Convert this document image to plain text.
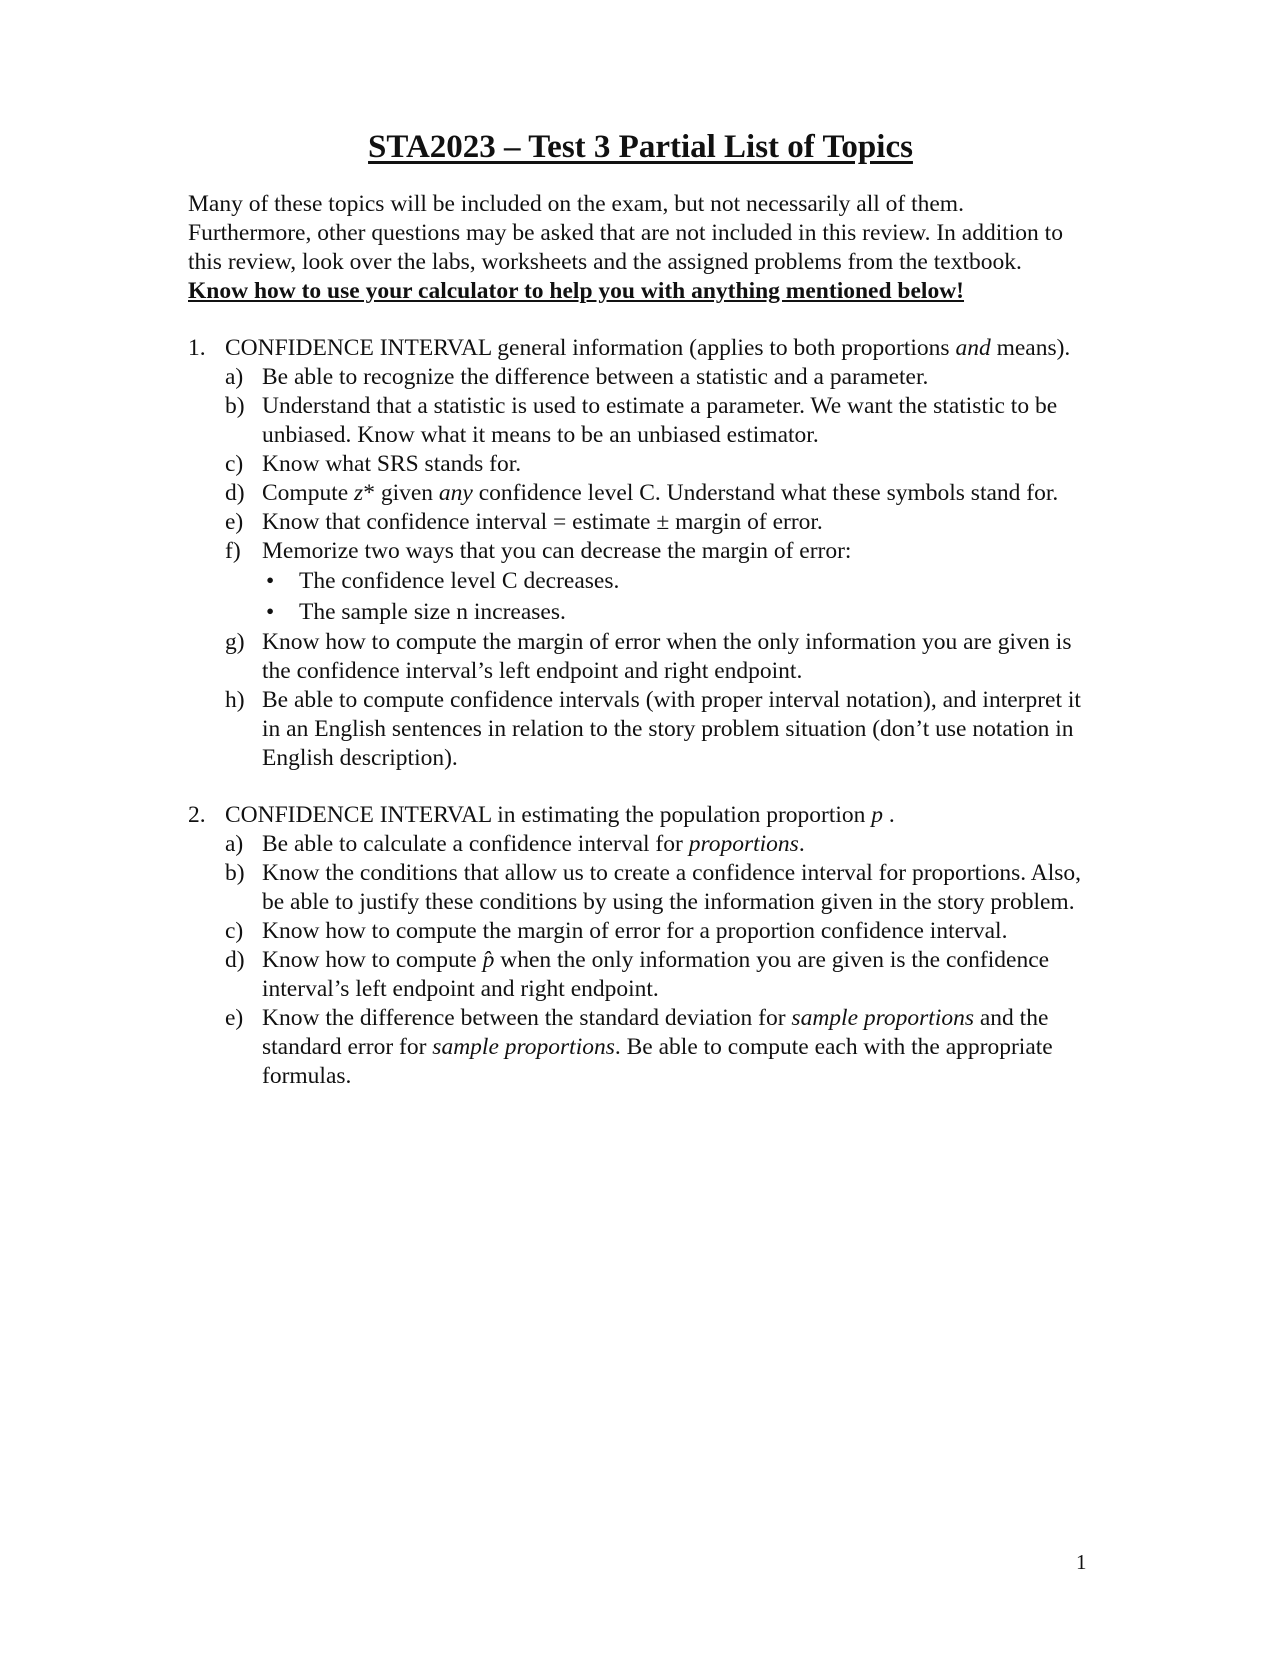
STA2023 – Test 3 Partial List of Topics

Many of these topics will be included on the exam, but not necessarily all of them. Furthermore, other questions may be asked that are not included in this review. In addition to this review, look over the labs, worksheets and the assigned problems from the textbook.

Know how to use your calculator to help you with anything mentioned below!

1. CONFIDENCE INTERVAL general information (applies to both proportions and means).
a) Be able to recognize the difference between a statistic and a parameter.
b) Understand that a statistic is used to estimate a parameter. We want the statistic to be unbiased. Know what it means to be an unbiased estimator.
c) Know what SRS stands for.
d) Compute z* given any confidence level C. Understand what these symbols stand for.
e) Know that confidence interval = estimate ± margin of error.
f) Memorize two ways that you can decrease the margin of error:
•	The confidence level C decreases.
•	The sample size n increases.
g) Know how to compute the margin of error when the only information you are given is the confidence interval’s left endpoint and right endpoint.
h) Be able to compute confidence intervals (with proper interval notation), and interpret it in an English sentences in relation to the story problem situation (don’t use notation in English description).
2. CONFIDENCE INTERVAL in estimating the population proportion p .
a) Be able to calculate a confidence interval for proportions.
b) Know the conditions that allow us to create a confidence interval for proportions. Also, be able to justify these conditions by using the information given in the story problem.
c) Know how to compute the margin of error for a proportion confidence interval.
d) Know how to compute p̂ when the only information you are given is the confidence interval’s left endpoint and right endpoint.
e) Know the difference between the standard deviation for sample proportions and the standard error for sample proportions. Be able to compute each with the appropriate formulas.
1
